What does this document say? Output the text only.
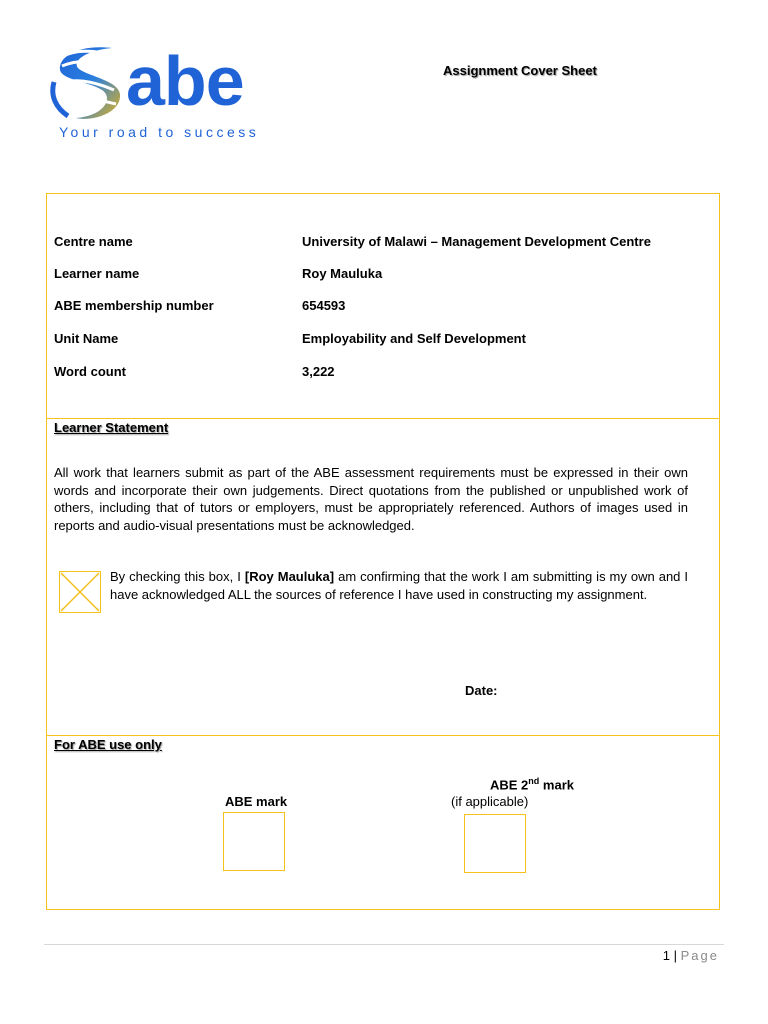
abe
Your road to success
Assignment Cover Sheet
Centre name	University of Malawi – Management Development Centre
Learner name	Roy Mauluka
ABE membership number	654593
Unit Name	Employability and Self Development
Word count	3,222
Learner Statement
All work that learners submit as part of the ABE assessment requirements must be expressed in their own words and incorporate their own judgements. Direct quotations from the published or unpublished work of others, including that of tutors or employers, must be appropriately referenced. Authors of images used in reports and audio-visual presentations must be acknowledged.
By checking this box, I [Roy Mauluka] am confirming that the work I am submitting is my own and I have acknowledged ALL the sources of reference I have used in constructing my assignment.
Date:
For ABE use only
ABE mark
ABE 2nd mark
(if applicable)
1 | Page
